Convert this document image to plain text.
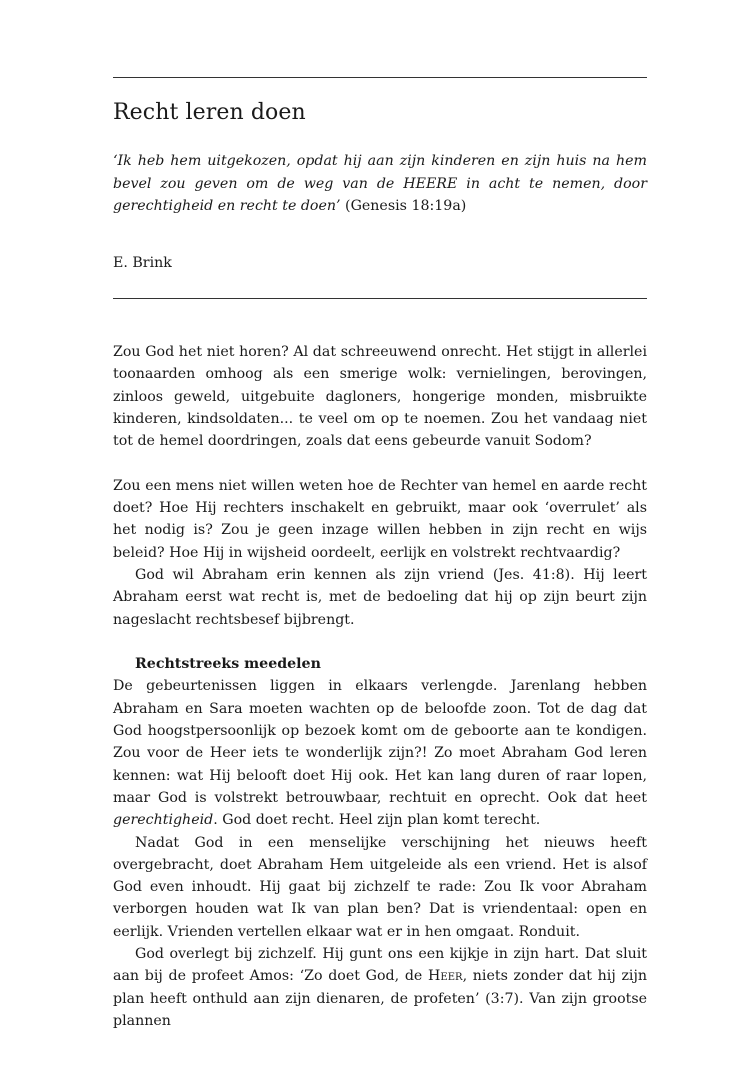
Recht leren doen

‘Ik heb hem uitgekozen, opdat hij aan zijn kinderen en zijn huis na hem bevel zou geven om de weg van de HEERE in acht te nemen, door gerechtigheid en recht te doen’ (Genesis 18:19a)

E. Brink

Zou God het niet horen? Al dat schreeuwend onrecht. Het stijgt in allerlei toonaarden omhoog als een smerige wolk: vernielingen, berovingen, zinloos geweld, uitgebuite dagloners, hongerige monden, misbruikte kinderen, kindsoldaten... te veel om op te noemen. Zou het vandaag niet tot de hemel doordringen, zoals dat eens gebeurde vanuit Sodom?

Zou een mens niet willen weten hoe de Rechter van hemel en aarde recht doet? Hoe Hij rechters inschakelt en gebruikt, maar ook ‘overrulet’ als het nodig is? Zou je geen inzage willen hebben in zijn recht en wijs beleid? Hoe Hij in wijsheid oordeelt, eerlijk en volstrekt rechtvaardig?

God wil Abraham erin kennen als zijn vriend (Jes. 41:8). Hij leert Abraham eerst wat recht is, met de bedoeling dat hij op zijn beurt zijn nageslacht rechtsbesef bijbrengt.

Rechtstreeks meedelen

De gebeurtenissen liggen in elkaars verlengde. Jarenlang hebben Abraham en Sara moeten wachten op de beloofde zoon. Tot de dag dat God hoogstpersoonlijk op bezoek komt om de geboorte aan te kondigen. Zou voor de Heer iets te wonderlijk zijn?! Zo moet Abraham God leren kennen: wat Hij belooft doet Hij ook. Het kan lang duren of raar lopen, maar God is volstrekt betrouwbaar, rechtuit en oprecht. Ook dat heet gerechtigheid. God doet recht. Heel zijn plan komt terecht.

Nadat God in een menselijke verschijning het nieuws heeft overgebracht, doet Abraham Hem uitgeleide als een vriend. Het is alsof God even inhoudt. Hij gaat bij zichzelf te rade: Zou Ik voor Abraham verborgen houden wat Ik van plan ben? Dat is vriendentaal: open en eerlijk. Vrienden vertellen elkaar wat er in hen omgaat. Ronduit.

God overlegt bij zichzelf. Hij gunt ons een kijkje in zijn hart. Dat sluit aan bij de profeet Amos: ‘Zo doet God, de Heer, niets zonder dat hij zijn plan heeft onthuld aan zijn dienaren, de profeten’ (3:7). Van zijn grootse plannen
